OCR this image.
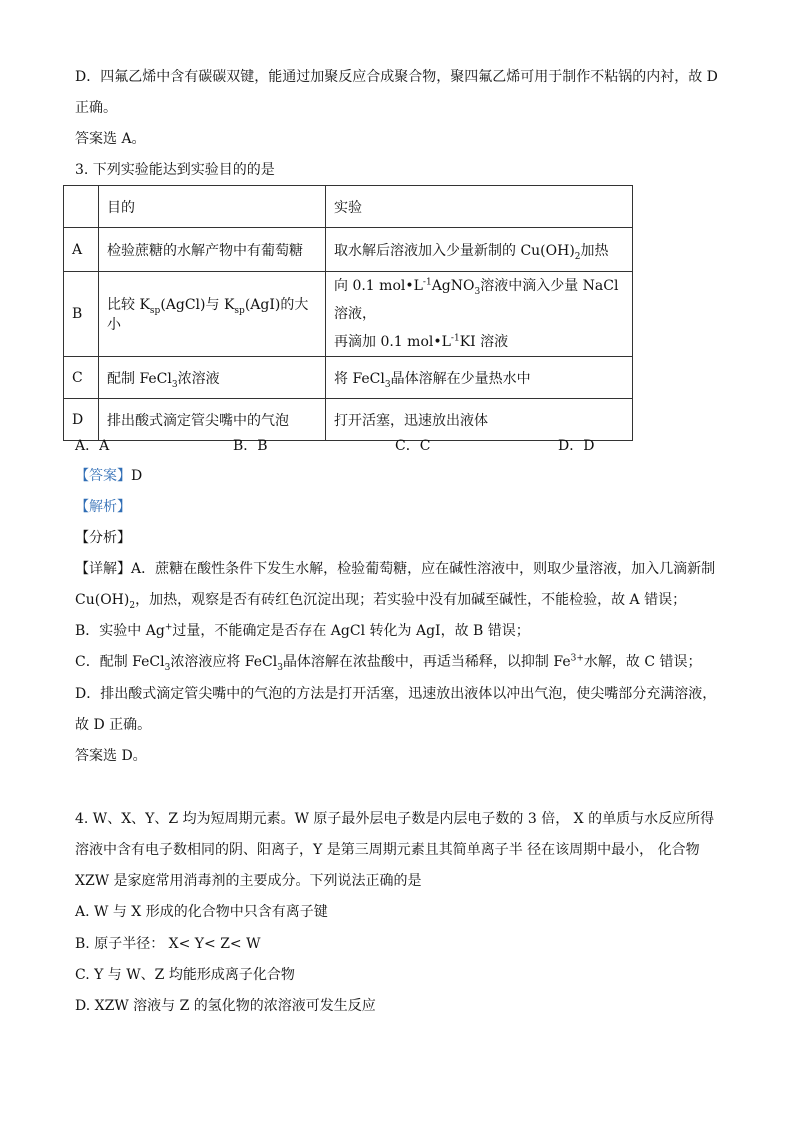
D．四氟乙烯中含有碳碳双键，能通过加聚反应合成聚合物，聚四氟乙烯可用于制作不粘锅的内衬，故 D
正确。
答案选 A。
3. 下列实验能达到实验目的的是
	目的	实验
A	检验蔗糖的水解产物中有葡萄糖	取水解后溶液加入少量新制的 $Cu(OH)_2$加热
B	比较 $K_{sp}(AgCl)$与 $K_{sp}(AgI)$的大小	向 0.1 $mol•L^{-1}AgNO_3$溶液中滴入少量 NaCl 溶液，
再滴加 0.1 $mol•L^{-1}KI$ 溶液
C	配制 FeCl$_3$浓溶液	将 FeCl$_3$晶体溶解在少量热水中
D	排出酸式滴定管尖嘴中的气泡	打开活塞，迅速放出液体
A．A	B．B	C．C	D．D
【答案】D
【解析】
【分析】
【详解】A．蔗糖在酸性条件下发生水解，检验葡萄糖，应在碱性溶液中，则取少量溶液，加入几滴新制
$Cu(OH)_2$，加热，观察是否有砖红色沉淀出现；若实验中没有加碱至碱性，不能检验，故 A 错误；
B．实验中 Ag+过量，不能确定是否存在 AgCl 转化为 AgI，故 B 错误；
C．配制 FeCl$_3$浓溶液应将 FeCl$_3$晶体溶解在浓盐酸中，再适当稀释，以抑制 $Fe^{3+}$水解，故 C 错误；
D．排出酸式滴定管尖嘴中的气泡的方法是打开活塞，迅速放出液体以冲出气泡，使尖嘴部分充满溶液，
故 D 正确。
答案选 D。
4. W、X、Y、Z 均为短周期元素。W 原子最外层电子数是内层电子数的 3 倍， X 的单质与水反应所得
溶液中含有电子数相同的阴、阳离子，Y 是第三周期元素且其简单离子半 径在该周期中最小， 化合物
XZW 是家庭常用消毒剂的主要成分。下列说法正确的是
A. W 与 X 形成的化合物中只含有离子键
B. 原子半径： X< Y< Z< W
C. Y 与 W、Z 均能形成离子化合物
D. XZW 溶液与 Z 的氢化物的浓溶液可发生反应
